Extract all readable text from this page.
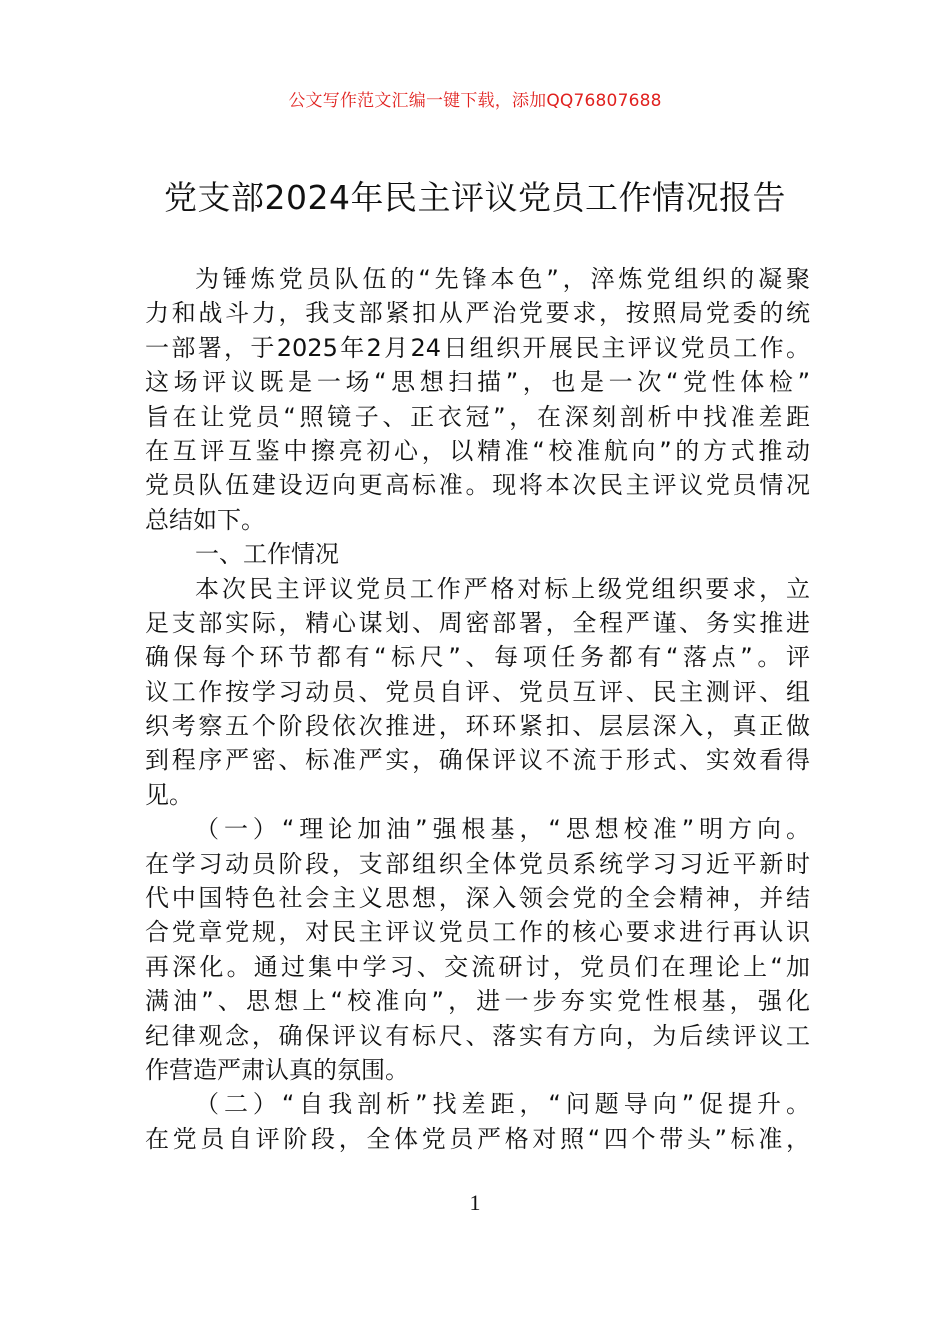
公文写作范文汇编一键下载，添加QQ76807688
党支部2024年民主评议党员工作情况报告
为锤炼党员队伍的“先锋本色”，淬炼党组织的凝聚
力和战斗力，我支部紧扣从严治党要求，按照局党委的统
一部署，于2025年2月24日组织开展民主评议党员工作。
这场评议既是一场“思想扫描”，也是一次“党性体检”
旨在让党员“照镜子、正衣冠”，在深刻剖析中找准差距
在互评互鉴中擦亮初心，以精准“校准航向”的方式推动
党员队伍建设迈向更高标准。现将本次民主评议党员情况
总结如下。
一、工作情况
本次民主评议党员工作严格对标上级党组织要求，立
足支部实际，精心谋划、周密部署，全程严谨、务实推进
确保每个环节都有“标尺”、每项任务都有“落点”。评
议工作按学习动员、党员自评、党员互评、民主测评、组
织考察五个阶段依次推进，环环紧扣、层层深入，真正做
到程序严密、标准严实，确保评议不流于形式、实效看得
见。
（一）“理论加油”强根基，“思想校准”明方向。
在学习动员阶段，支部组织全体党员系统学习习近平新时
代中国特色社会主义思想，深入领会党的全会精神，并结
合党章党规，对民主评议党员工作的核心要求进行再认识
再深化。通过集中学习、交流研讨，党员们在理论上“加
满油”、思想上“校准向”，进一步夯实党性根基，强化
纪律观念，确保评议有标尺、落实有方向，为后续评议工
作营造严肃认真的氛围。
（二）“自我剖析”找差距，“问题导向”促提升。
在党员自评阶段，全体党员严格对照“四个带头”标准，
1
